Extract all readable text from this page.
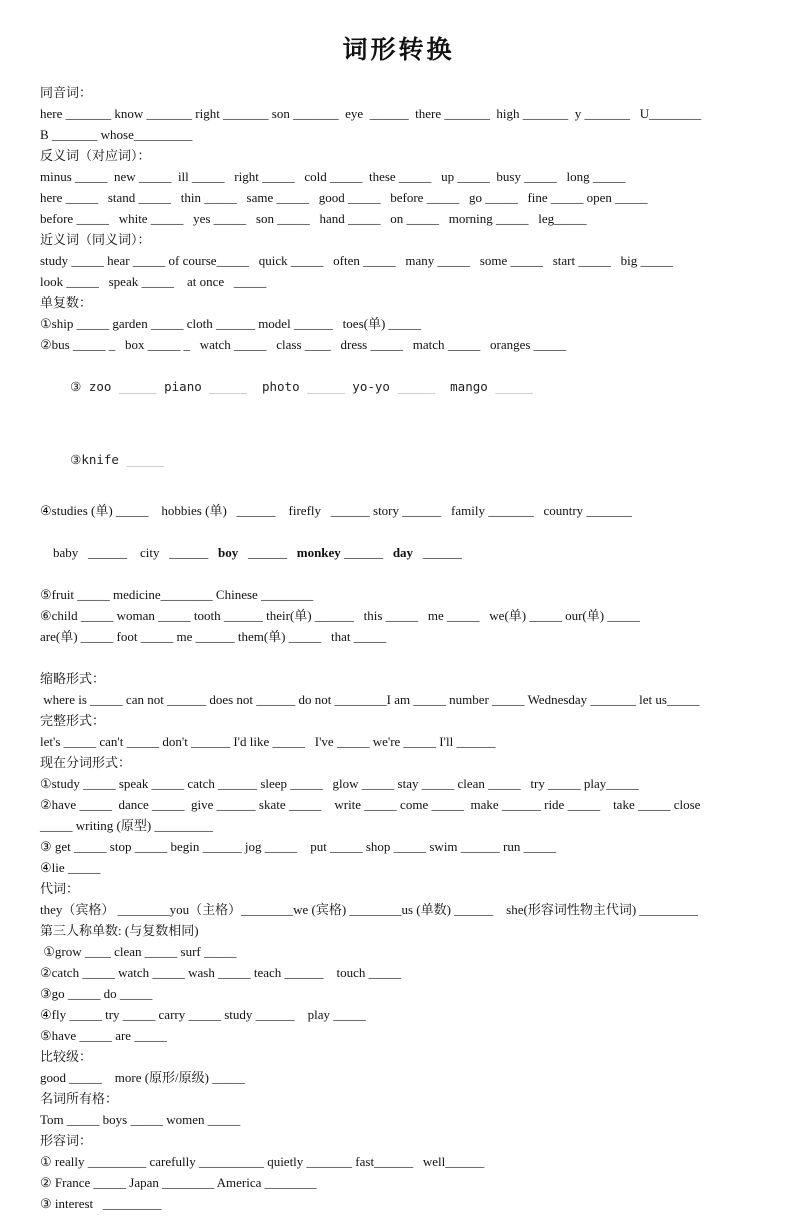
词形转换

同音词：

here _______ know _______ right _______ son _______  eye  ______  there _______  high _______  y _______   U________

B _______ whose_________

反义词（对应词）：

minus _____  new _____  ill _____   right _____   cold _____  these _____   up _____  busy _____   long _____

here _____   stand _____   thin _____   same _____   good _____   before _____   go _____   fine _____ open _____

before _____   white _____   yes _____   son _____   hand _____   on _____   morning _____   leg_____

近义词（同义词）：

study _____ hear _____ of course_____   quick _____   often _____   many _____   some _____   start _____   big _____

look _____   speak _____    at once   _____

单复数：

①ship _____ garden _____ cloth ______ model ______   toes(单) _____

②bus _____ _   box _____ _   watch _____   class ____   dress _____   match _____   oranges _____

③ zoo _____ piano _____  photo _____ yo-yo _____  mango _____

③knife _____

④studies (单) _____    hobbies (单)   ______    firefly   ______ story ______   family _______   country _______

baby   ______    city   ______   boy   ______   monkey ______   day   ______

⑤fruit _____ medicine________ Chinese ________

⑥child _____ woman _____ tooth ______ their(单) ______   this _____   me _____   we(单) _____ our(单) _____

are(单) _____ foot _____ me ______ them(单) _____   that _____

缩略形式：

where is _____ can not ______ does not ______ do not ________I am _____ number _____ Wednesday _______ let us_____

完整形式：

let's _____ can't _____ don't ______ I'd like _____   I've _____ we're _____ I'll ______

现在分词形式：

①study _____ speak _____ catch ______ sleep _____   glow _____ stay _____ clean _____   try _____ play_____

②have _____  dance _____  give ______ skate _____    write _____ come _____  make ______ ride _____    take _____ close

_____ writing (原型) _________

③ get _____ stop _____ begin ______ jog _____    put _____ shop _____ swim ______ run _____

④lie _____

代词：

they（宾格） ________you（主格）________we (宾格) ________us (单数) ______    she(形容词性物主代词) _________

第三人称单数: (与复数相同)

①grow ____ clean _____ surf _____

②catch _____ watch _____ wash _____ teach ______    touch _____

③go _____ do _____

④fly _____ try _____ carry _____ study ______    play _____

⑤have _____ are _____

比较级：

good _____    more (原形/原级) _____

名词所有格：

Tom _____ boys _____ women _____

形容词：

① really _________ carefully __________ quietly _______ fast______   well______

② France _____ Japan ________ America ________

③ interest   _________
